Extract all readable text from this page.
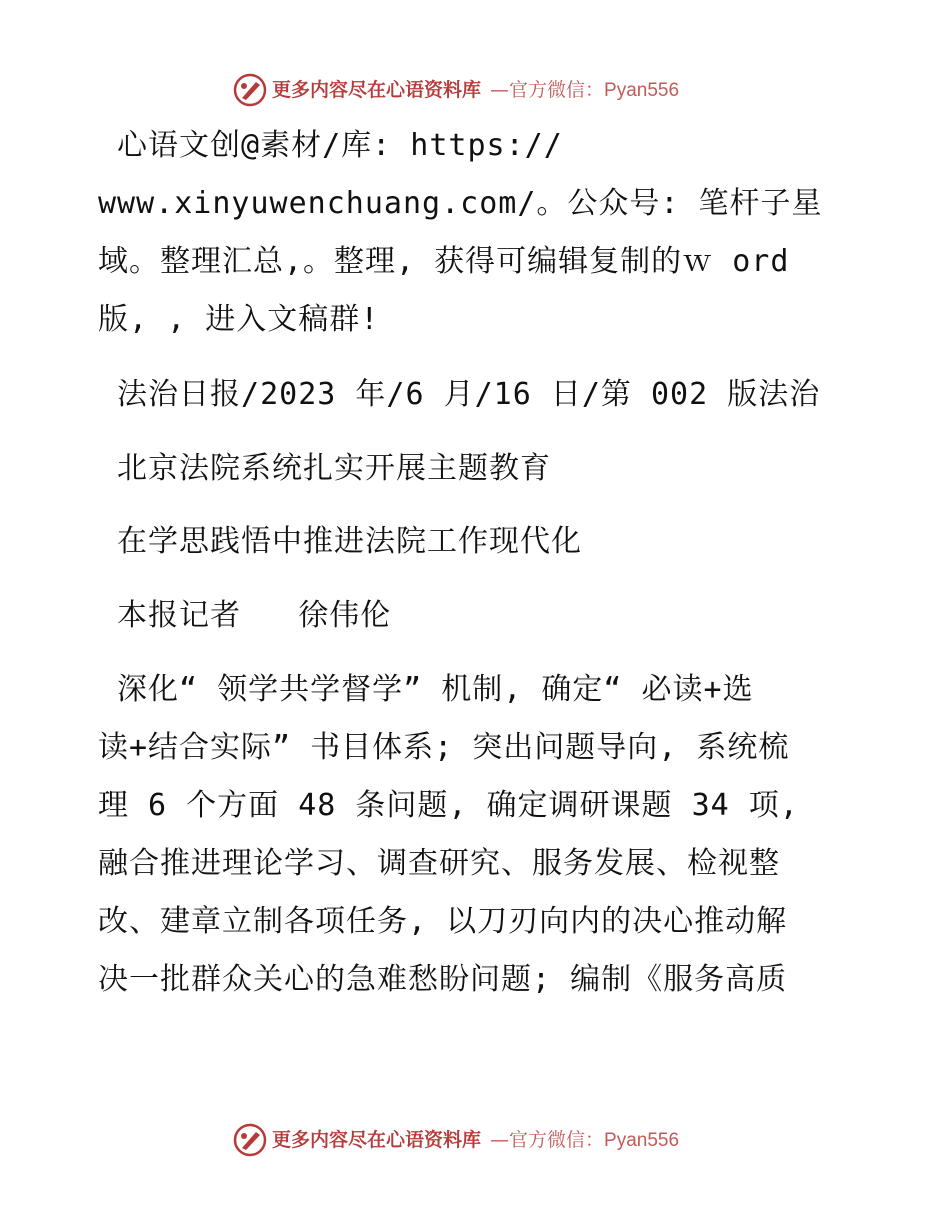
更多内容尽在心语资料库 —官方微信：Pyan556
心语文创@素材/库: https://
www.xinyuwenchuang.com/。公众号: 笔杆子星
域。整理汇总,。整理, 获得可编辑复制的ｗ ord
版, , 进入文稿群!
法治日报/2023 年/6 月/16 日/第 002 版法治
北京法院系统扎实开展主题教育
在学思践悟中推进法院工作现代化
本报记者   徐伟伦
深化“ 领学共学督学” 机制, 确定“ 必读+选
读+结合实际” 书目体系; 突出问题导向, 系统梳
理 6 个方面 48 条问题, 确定调研课题 34 项,
融合推进理论学习、调查研究、服务发展、检视整
改、建章立制各项任务, 以刀刃向内的决心推动解
决一批群众关心的急难愁盼问题; 编制《服务高质
更多内容尽在心语资料库 —官方微信：Pyan556
